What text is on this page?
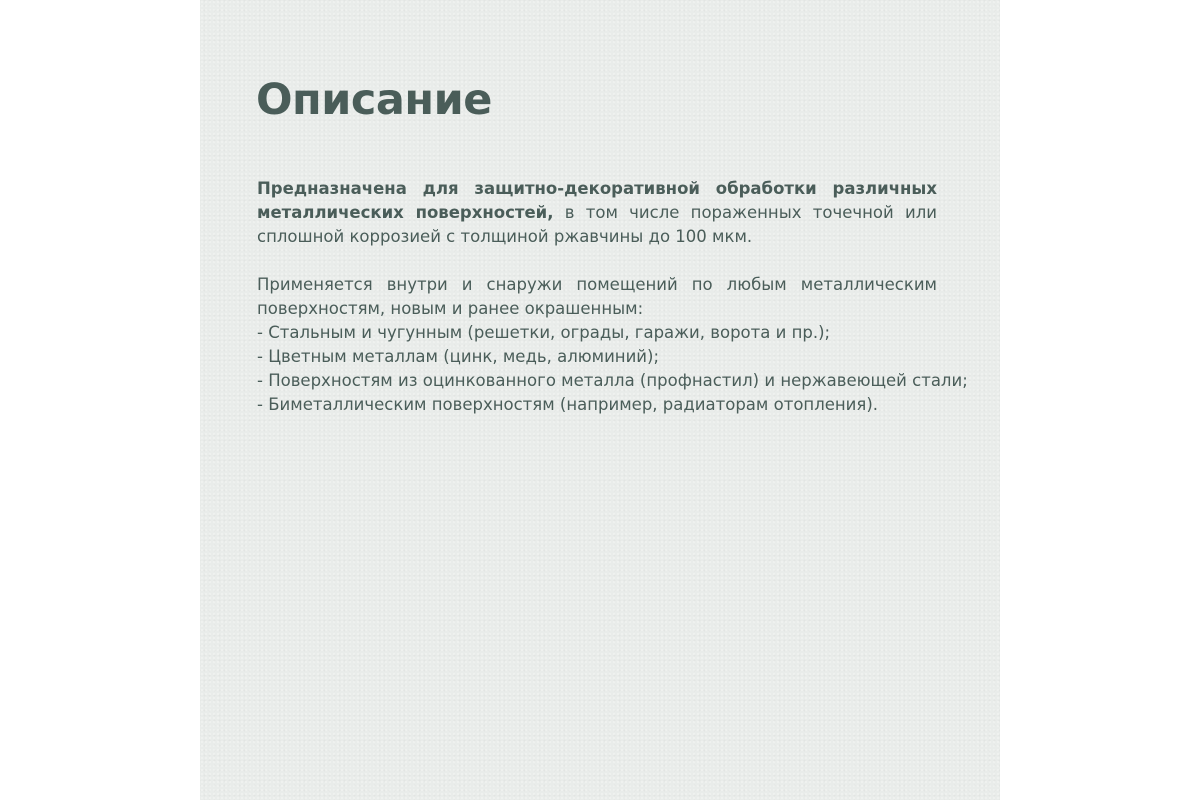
Описание
Предназначена для защитно-декоративной обработки различных металлических поверхностей, в том числе пораженных точечной или сплошной коррозией с толщиной ржавчины до 100 мкм.
Применяется внутри и снаружи помещений по любым металлическим поверхностям, новым и ранее окрашенным:
- Стальным и чугунным (решетки, ограды, гаражи, ворота и пр.);
- Цветным металлам (цинк, медь, алюминий);
- Поверхностям из оцинкованного металла (профнастил) и нержавеющей стали;
- Биметаллическим поверхностям (например, радиаторам отопления).
